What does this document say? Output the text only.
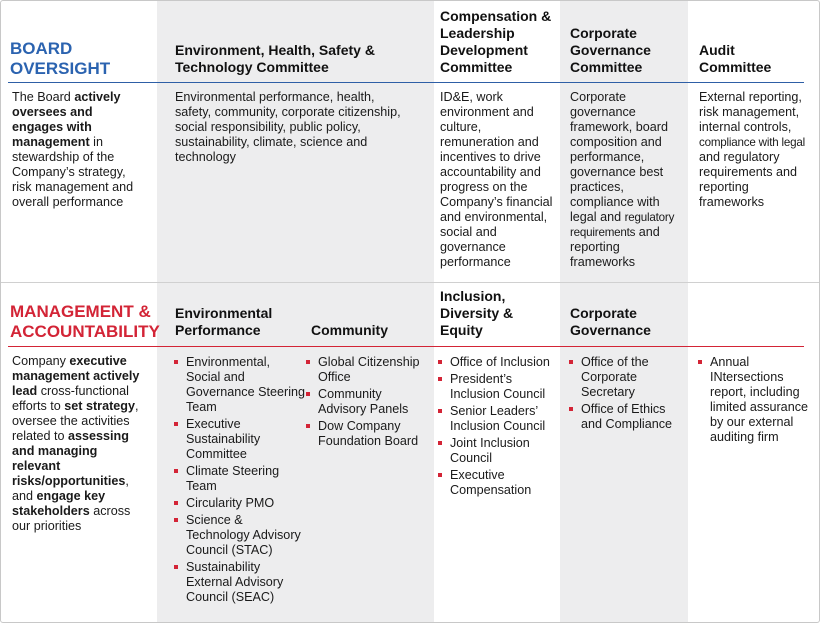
BOARD
OVERSIGHT
Environment, Health, Safety & Technology Committee
Compensation & Leadership Development Committee
Corporate Governance Committee
Audit Committee
The Board actively oversees and engages with management in stewardship of the Company’s strategy, risk management and overall performance
Environmental performance, health, safety, community, corporate citizenship, social responsibility, public policy, sustainability, climate, science and technology
ID&E, work environment and culture, remuneration and incentives to drive accountability and progress on the Company’s financial and environmental, social and governance performance
Corporate governance framework, board composition and performance, governance best practices, compliance with legal and regulatory requirements and reporting frameworks
External reporting, risk management, internal controls, compliance with legal and regulatory requirements and reporting frameworks
MANAGEMENT &
ACCOUNTABILITY
Environmental Performance	Community
Inclusion, Diversity & Equity
Corporate Governance
Company executive management actively lead cross-functional efforts to set strategy, oversee the activities related to assessing and managing relevant risks/opportunities, and engage key stakeholders across our priorities
Environmental, Social and Governance Steering Team
Executive Sustainability Committee
Climate Steering Team
Circularity PMO
Science & Technology Advisory Council (STAC)
Sustainability External Advisory Council (SEAC)
Global Citizenship Office
Community Advisory Panels
Dow Company Foundation Board
Office of Inclusion
President’s Inclusion Council
Senior Leaders’ Inclusion Council
Joint Inclusion Council
Executive Compensation
Office of the Corporate Secretary
Office of Ethics and Compliance
Annual INtersections report, including limited assurance by our external auditing firm
